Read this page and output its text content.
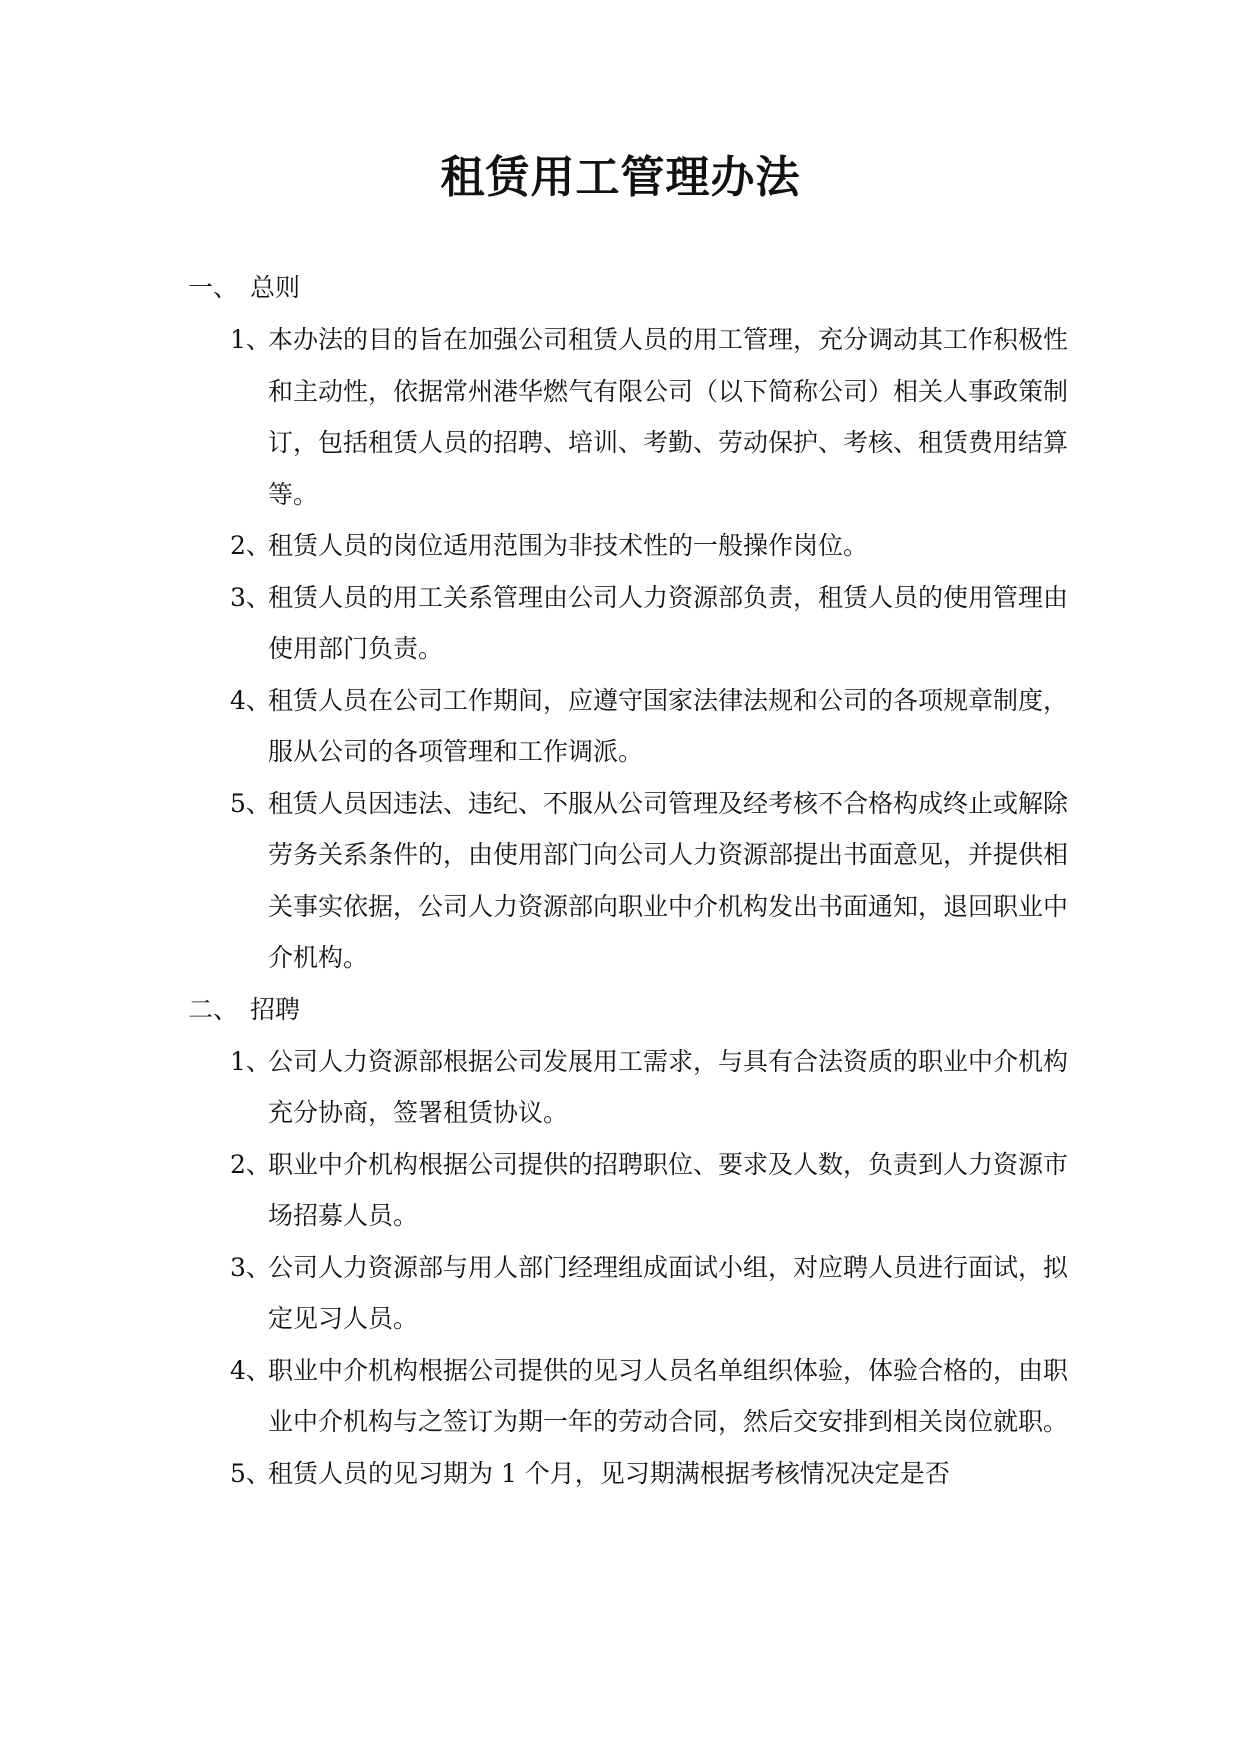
租赁用工管理办法

一、 总则

1、
本办法的目的旨在加强公司租赁人员的用工管理，充分调动其工作积极性和主动性，依据常州港华燃气有限公司（以下简称公司）相关人事政策制订，包括租赁人员的招聘、培训、考勤、劳动保护、考核、租赁费用结算等。
2、
租赁人员的岗位适用范围为非技术性的一般操作岗位。
3、
租赁人员的用工关系管理由公司人力资源部负责，租赁人员的使用管理由使用部门负责。
4、
租赁人员在公司工作期间，应遵守国家法律法规和公司的各项规章制度，服从公司的各项管理和工作调派。
5、
租赁人员因违法、违纪、不服从公司管理及经考核不合格构成终止或解除劳务关系条件的，由使用部门向公司人力资源部提出书面意见，并提供相关事实依据，公司人力资源部向职业中介机构发出书面通知，退回职业中介机构。

二、 招聘

1、
公司人力资源部根据公司发展用工需求，与具有合法资质的职业中介机构充分协商，签署租赁协议。
2、
职业中介机构根据公司提供的招聘职位、要求及人数，负责到人力资源市场招募人员。
3、
公司人力资源部与用人部门经理组成面试小组，对应聘人员进行面试，拟定见习人员。
4、
职业中介机构根据公司提供的见习人员名单组织体验，体验合格的，由职业中介机构与之签订为期一年的劳动合同，然后交安排到相关岗位就职。
5、
租赁人员的见习期为 1 个月，见习期满根据考核情况决定是否
